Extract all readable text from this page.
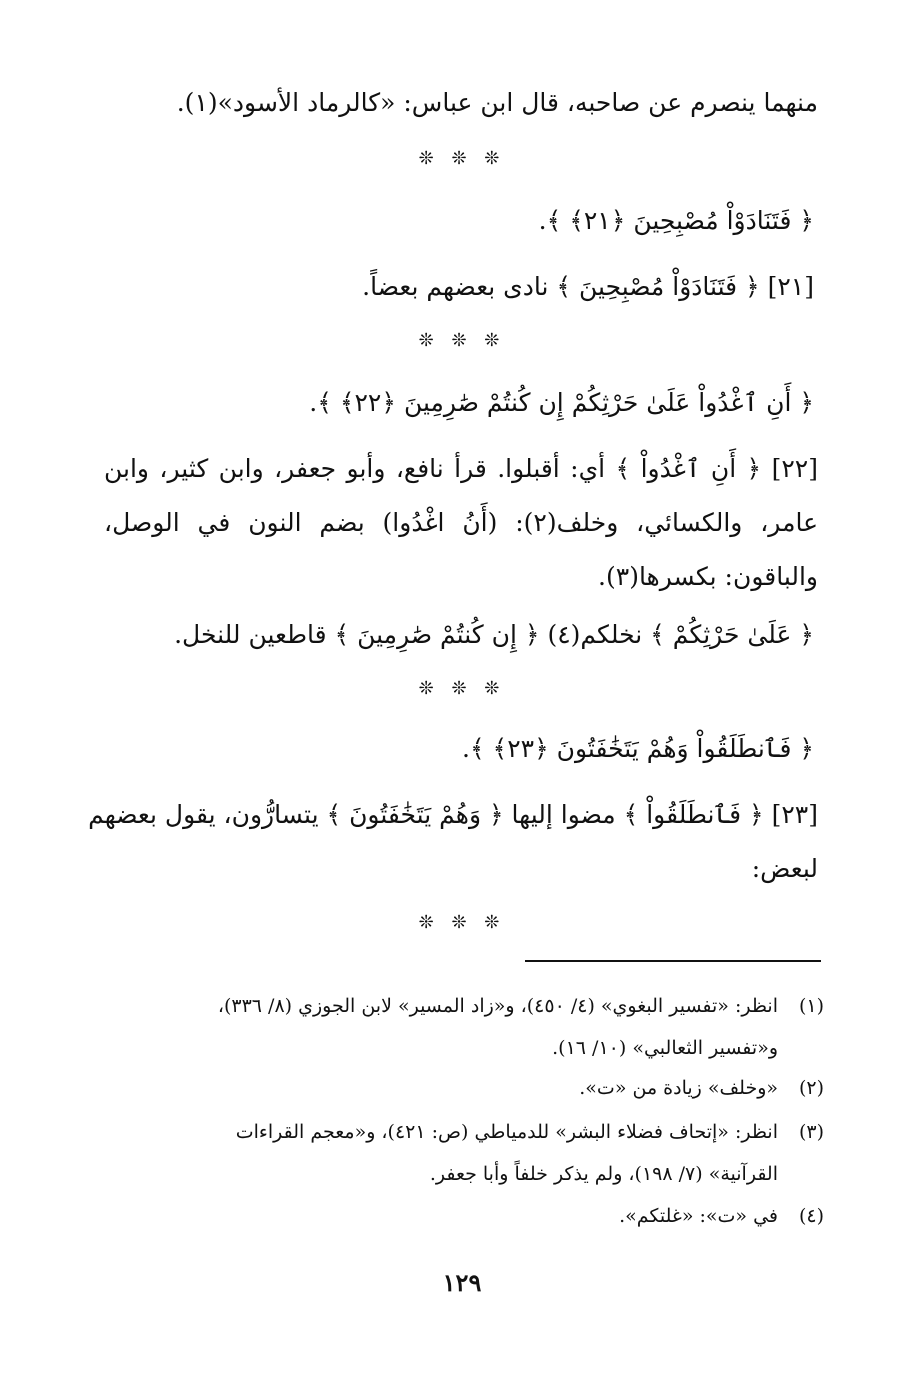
منهما ينصرم عن صاحبه، قال ابن عباس: «كالرماد الأسود»(١).
❊ ❊ ❊
﴿ فَتَنَادَوْاْ مُصْبِحِينَ ﴿٢١﴾ ﴾.
[٢١] ﴿ فَتَنَادَوْاْ مُصْبِحِينَ ﴾ نادى بعضهم بعضاً.
❊ ❊ ❊
﴿ أَنِ ٱغْدُواْ عَلَىٰ حَرْثِكُمْ إِن كُنتُمْ صَٰرِمِينَ ﴿٢٢﴾ ﴾.
[٢٢] ﴿ أَنِ ٱغْدُواْ ﴾ أي: أقبلوا. قرأ نافع، وأبو جعفر، وابن كثير، وابن
عامر، والكسائي، وخلف(٢): (أَنُ اغْدُوا) بضم النون في الوصل،
والباقون: بكسرها(٣).
﴿ عَلَىٰ حَرْثِكُمْ ﴾ نخلكم(٤) ﴿ إِن كُنتُمْ صَٰرِمِينَ ﴾ قاطعين للنخل.
❊ ❊ ❊
﴿ فَٱنطَلَقُواْ وَهُمْ يَتَخَٰفَتُونَ ﴿٢٣﴾ ﴾.
[٢٣] ﴿ فَٱنطَلَقُواْ ﴾ مضوا إليها ﴿ وَهُمْ يَتَخَٰفَتُونَ ﴾ يتسارُّون، يقول بعضهم
لبعض:
❊ ❊ ❊
(١)انظر: «تفسير البغوي» (٤/ ٤٥٠)، و«زاد المسير» لابن الجوزي (٨/ ٣٣٦)،
و«تفسير الثعالبي» (١٠/ ١٦).
(٢)«وخلف» زيادة من «ت».
(٣)انظر: «إتحاف فضلاء البشر» للدمياطي (ص: ٤٢١)، و«معجم القراءات
القرآنية» (٧/ ١٩٨)، ولم يذكر خلفاً وأبا جعفر.
(٤)في «ت»: «غلتكم».
١٢٩
